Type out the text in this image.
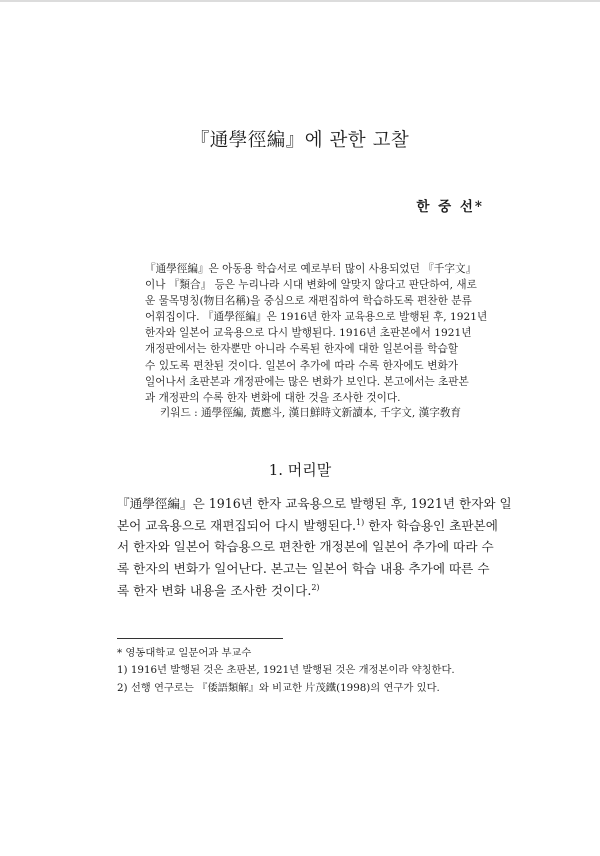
『通學徑編』에 관한 고찰
한 중 선*
『通學徑編』은 아동용 학습서로 예로부터 많이 사용되었던 『千字文』
이나 『類合』 등은 누리나라 시대 변화에 알맞지 않다고 판단하여, 새로
운 물목명칭(物目名稱)을 중심으로 재편집하여 학습하도록 편찬한 분류
어휘집이다. 『通學徑編』은 1916년 한자 교육용으로 발행된 후, 1921년
한자와 일본어 교육용으로 다시 발행된다. 1916년 초판본에서 1921년
개정판에서는 한자뿐만 아니라 수록된 한자에 대한 일본어를 학습할
수 있도록 편찬된 것이다. 일본어 추가에 따라 수록 한자에도 변화가
일어나서 초판본과 개정판에는 많은 변화가 보인다. 본고에서는 초판본
과 개정판의 수록 한자 변화에 대한 것을 조사한 것이다.
키워드 : 通學徑編, 黃應斗, 漢日鮮時文新讀本, 千字文, 漢字敎育
1. 머리말
『通學徑編』은 1916년 한자 교육용으로 발행된 후, 1921년 한자와 일
본어 교육용으로 재편집되어 다시 발행된다.$^{1)}$ 한자 학습용인 초판본에
서 한자와 일본어 학습용으로 편찬한 개정본에 일본어 추가에 따라 수
록 한자의 변화가 일어난다. 본고는 일본어 학습 내용 추가에 따른 수
록 한자 변화 내용을 조사한 것이다.$^{2)}$
* 영동대학교 일문어과 부교수
1) 1916년 발행된 것은 초판본, 1921년 발행된 것은 개정본이라 약칭한다.
2) 선행 연구로는 『倭語類解』와 비교한 片茂鐵(1998)의 연구가 있다.
